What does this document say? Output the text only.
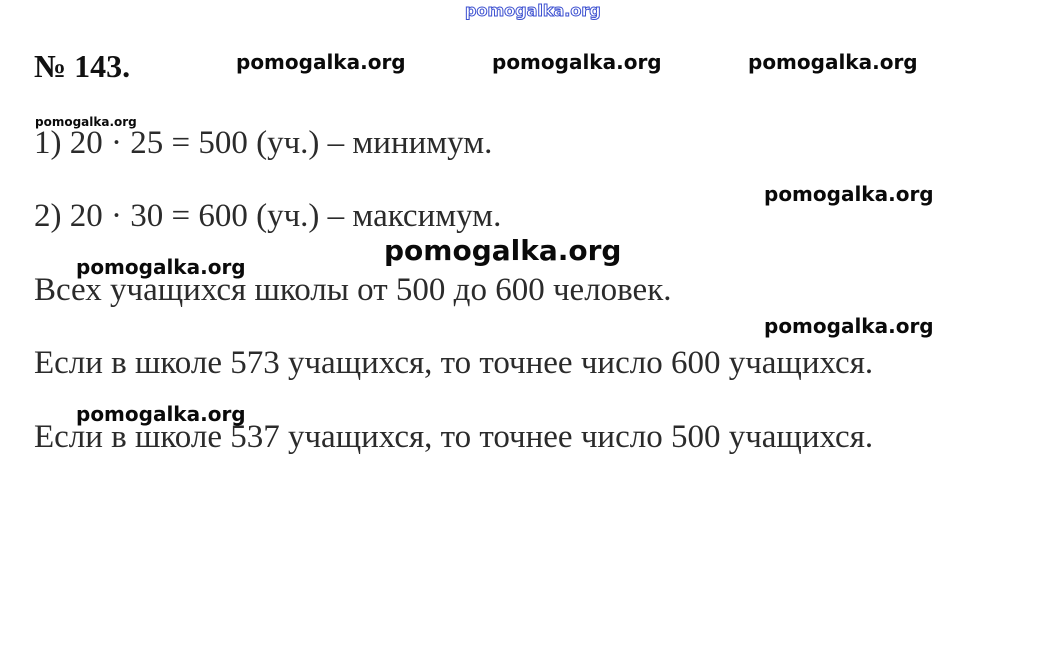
pomogalka.org
pomogalka.org	pomogalka.org	pomogalka.org
pomogalka.org
pomogalka.org
pomogalka.org
pomogalka.org
pomogalka.org
pomogalka.org
№ 143.
1) 20 · 25 = 500 (уч.) – минимум.
2) 20 · 30 = 600 (уч.) – максимум.
Всех учащихся школы от 500 до 600 человек.
Если в школе 573 учащихся, то точнее число 600 учащихся.
Если в школе 537 учащихся, то точнее число 500 учащихся.
